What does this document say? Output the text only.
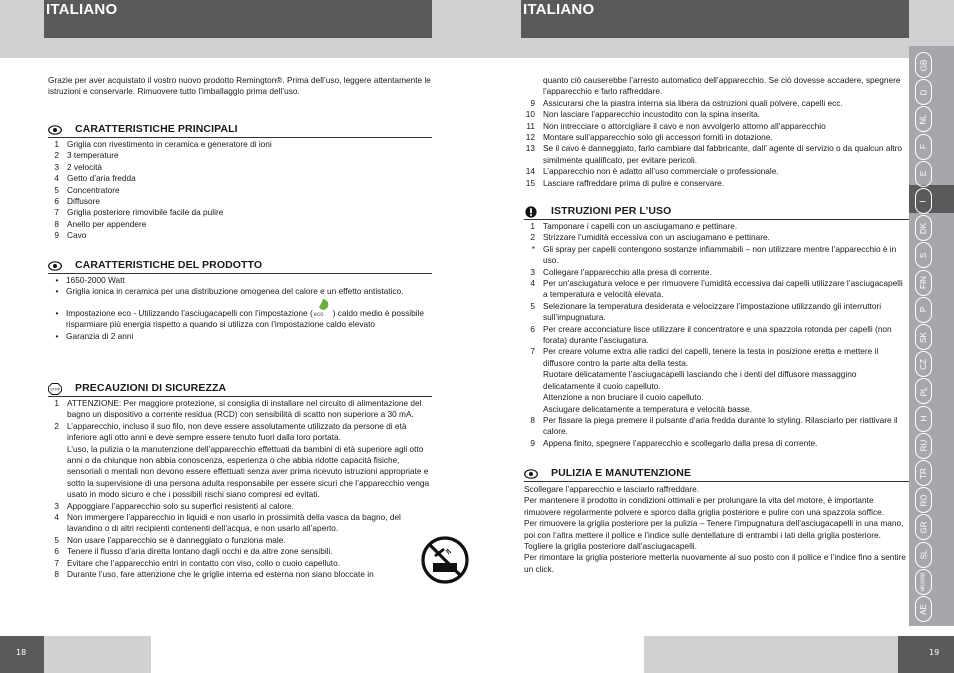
ITALIANO	ITALIANO
Grazie per aver acquistato il vostro nuovo prodotto Remington®. Prima dell’uso, leggere attentamente le istruzioni e conservarle. Rimuovere tutto l’imballaggio prima dell’uso.
CARATTERISTICHE PRINCIPALI
1 Griglia con rivestimento in ceramica e generatore di ioni
2 3 temperature
3 2 velocità
4 Getto d’aria fredda
5 Concentratore
6 Diffusore
7 Griglia posteriore rimovibile facile da pulire
8 Anello per appendere
9 Cavo
CARATTERISTICHE DEL PRODOTTO
• 1650-2000 Watt
• Griglia ionica in ceramica per una distribuzione omogenea del calore e un effetto antistatico.
• Impostazione eco - Utilizzando l’asciugacapelli con l’impostazione ( eco ) caldo medio è possibile risparmiare più energia rispetto a quando si utilizza con l’impostazione caldo elevato
• Garanzia di 2 anni
STOP PRECAUZIONI DI SICUREZZA
1 ATTENZIONE: Per maggiore protezione, si consiglia di installare nel circuito di alimentazione del bagno un dispositivo a corrente residua (RCD) con sensibilità di scatto non superiore a 30 mA.
2 L’apparecchio, incluso il suo filo, non deve essere assolutamente utilizzato da persone di età inferiore agli otto anni e deve sempre essere tenuto fuori dalla loro portata.
L’uso, la pulizia o la manutenzione dell’apparecchio effettuati da bambini di età superiore agli otto anni o da chiunque non abbia conoscenza, esperienza o che abbia ridotte capacità fisiche, sensoriali o mentali non devono essere effettuati senza aver prima ricevuto istruzioni appropriate e sotto la supervisione di una persona adulta responsabile per essere sicuri che l’apparecchio venga usato in modo sicuro e che i possibili rischi siano compresi ed evitati.
3 Appoggiare l’apparecchio solo su superfici resistenti al calore.
4 Non immergere l’apparecchio in liquidi e non usarlo in prossimità della vasca da bagno, del lavandino o di altri recipienti contenenti dell’acqua, e non usarlo all’aperto.
5 Non usare l’apparecchio se è danneggiato o funziona male.
6 Tenere il flusso d’aria diretta lontano dagli occhi e da altre zone sensibili.
7 Evitare che l’apparecchio entri in contatto con viso, collo o cuoio capelluto.
8 Durante l’uso, fare attenzione che le griglie interna ed esterna non siano bloccate in
quanto ciò causerebbe l’arresto automatico dell’apparecchio. Se ciò dovesse accadere, spegnere l’apparecchio e farlo raffreddare.
9 Assicurarsi che la piastra interna sia libera da ostruzioni quali polvere, capelli ecc.
10 Non lasciare l’apparecchio incustodito con la spina inserita.
11 Non intrecciare o attorcigliare il cavo e non avvolgerlo attorno all’apparecchio
12 Montare sull’apparecchio solo gli accessori forniti in dotazione.
13 Se il cavo è danneggiato, farlo cambiare dal fabbricante, dall’ agente di servizio o da qualcun altro similmente qualificato, per evitare pericoli.
14 L’apparecchio non è adatto all’uso commerciale o professionale.
15 Lasciare raffreddare prima di pulire e conservare.
ISTRUZIONI PER L’USO
1 Tamponare i capelli con un asciugamano e pettinare.
2 Strizzare l’umidità eccessiva con un asciugamano e pettinare.
* Gli spray per capelli contengono sostanze infiammabili – non utilizzare mentre l’apparecchio è in uso.
3 Collegare l’apparecchio alla presa di corrente.
4 Per un’asciugatura veloce e per rimuovere l’umidità eccessiva dai capelli utilizzare l’asciugacapelli a temperatura e velocità elevata.
5 Selezionare la temperatura desiderata e velocizzare l’impostazione utilizzando gli interruttori sull’impugnatura.
6 Per creare acconciature lisce utilizzare il concentratore e una spazzola rotonda per capelli (non forata) durante l’asciugatura.
7 Per creare volume extra alle radici dei capelli, tenere la testa in posizione eretta e mettere il diffusore contro la parte alta della testa.
Ruotare delicatamente l’asciugacapelli lasciando che i denti del diffusore massaggino delicatamente il cuoio capelluto.
Attenzione a non bruciare il cuoio capelluto.
Asciugare delicatamente a temperatura e velocità basse.
8 Per fissare la piega premere il pulsante d’aria fredda durante lo styling. Rilasciarlo per riattivare il calore.
9 Appena finito, spegnere l’apparecchio e scollegarlo dalla presa di corrente.
PULIZIA E MANUTENZIONE
Scollegare l’apparecchio e lasciarlo raffreddare.
Per mantenere il prodotto in condizioni ottimali e per prolungare la vita del motore, è importante rimuovere regolarmente polvere e sporco dalla griglia posteriore e pulire con una spazzola soffice.
Per rimuovere la griglia posteriore per la pulizia – Tenere l’impugnatura dell’asciugacapelli in una mano, poi con l’altra mettere il pollice e l’indice sulle dentellature di entrambi i lati della griglia posteriore. Togliere la griglia posteriore dall’asciugacapelli.
Per rimontare la griglia posteriore metterla nuovamente al suo posto con il pollice e l’indice fino a sentire un click.
GB
D
NL
F
E
I
DK
S
FIN
P
SK
CZ
PL
H
RU
TR
RO
GR
SL
HR/SRB
AE
18	19
